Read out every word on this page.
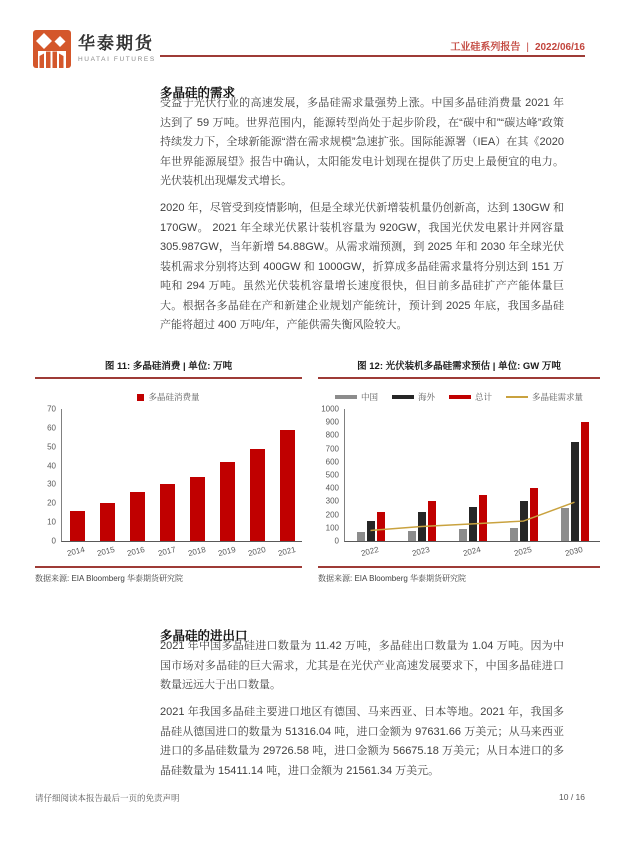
华泰期货
HUATAI FUTURES
工业硅系列报告 | 2022/06/16
多晶硅的需求

受益于光伏行业的高速发展，多晶硅需求量强势上涨。中国多晶硅消费量 2021 年达到了 59 万吨。世界范围内，能源转型尚处于起步阶段，在“碳中和”“碳达峰”政策持续发力下，全球新能源“潜在需求规模”急速扩张。国际能源署（IEA）在其《2020 年世界能源展望》报告中确认，太阳能发电计划现在提供了历史上最便宜的电力。光伏装机出现爆发式增长。

2020 年，尽管受到疫情影响，但是全球光伏新增装机量仍创新高，达到 130GW 和 170GW。 2021 年全球光伏累计装机容量为 920GW，我国光伏发电累计并网容量 305.987GW，当年新增 54.88GW。从需求端预测，到 2025 年和 2030 年全球光伏装机需求分别将达到 400GW 和 1000GW，折算成多晶硅需求量将分别达到 151 万吨和 294 万吨。虽然光伏装机容量增长速度很快，但目前多晶硅扩产产能体量巨大。根据各多晶硅在产和新建企业规划产能统计，预计到 2025 年底，我国多晶硅产能将超过 400 万吨/年，产能供需失衡风险较大。

图 11: 多晶硅消费 | 单位: 万吨
多晶硅消费量
70
60
50
40
30
20
10
0
2014 2015 2016 2017 2018 2019 2020 2021
数据来源: EIA Bloomberg 华泰期货研究院
图 12: 光伏装机多晶硅需求预估 | 单位: GW 万吨
中国	海外	总计	多晶硅需求量
1000
900
800
700
600
500
400
300
200
100
0
2022	2023	2024	2025	2030
数据来源: EIA Bloomberg 华泰期货研究院
多晶硅的进出口

2021 年中国多晶硅进口数量为 11.42 万吨，多晶硅出口数量为 1.04 万吨。因为中国市场对多晶硅的巨大需求，尤其是在光伏产业高速发展要求下，中国多晶硅进口数量远远大于出口数量。

2021 年我国多晶硅主要进口地区有德国、马来西亚、日本等地。2021 年，我国多晶硅从德国进口的数量为 51316.04 吨，进口金额为 97631.66 万美元；从马来西亚进口的多晶硅数量为 29726.58 吨，进口金额为 56675.18 万美元；从日本进口的多晶硅数量为 15411.14 吨，进口金额为 21561.34 万美元。

请仔细阅读本报告最后一页的免责声明	10 / 16
